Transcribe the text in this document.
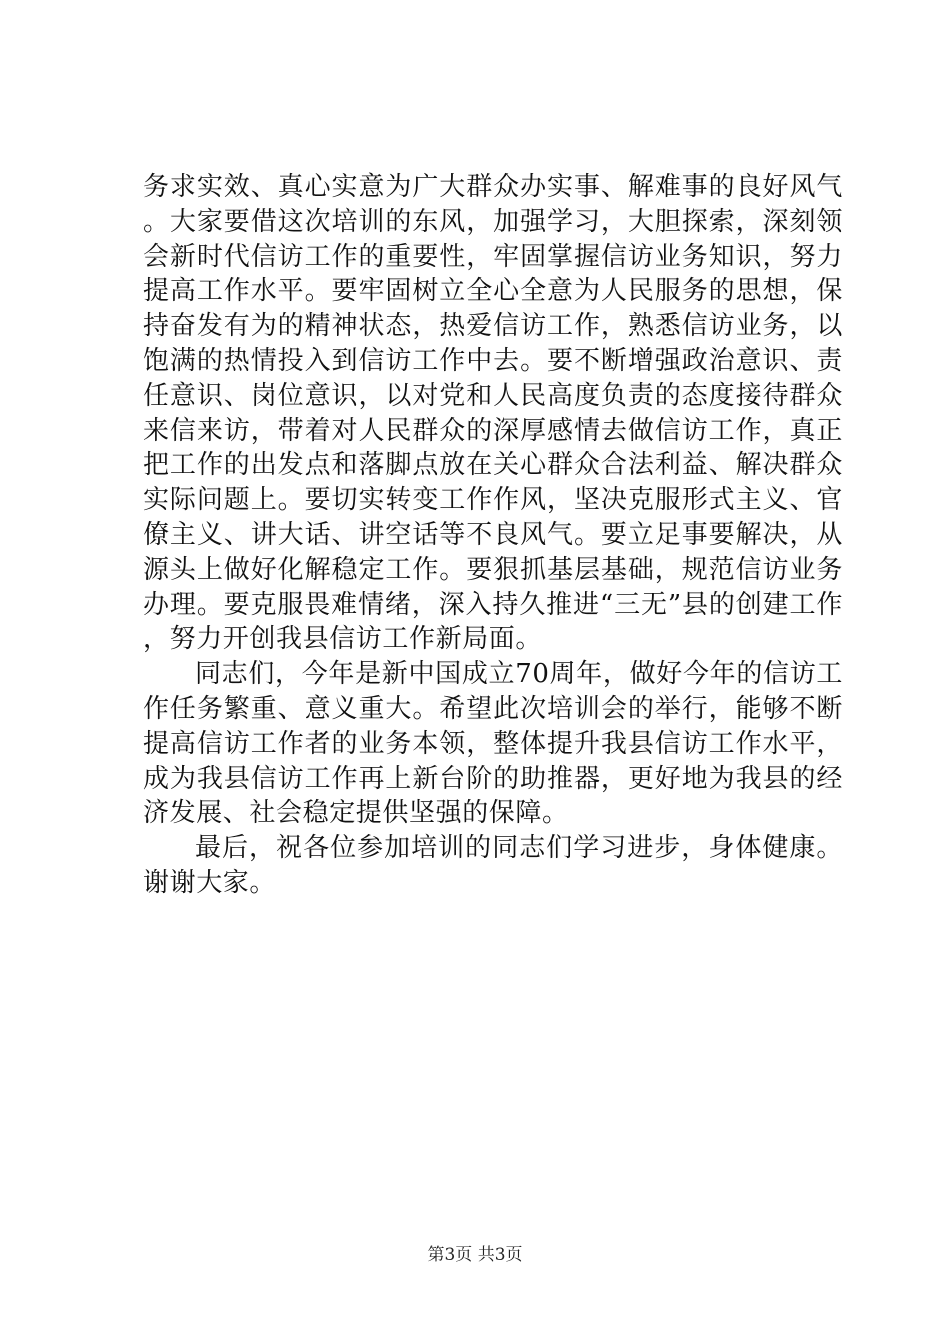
务求实效、真心实意为广大群众办实事、解难事的良好风气。大家要借这次培训的东风，加强学习，大胆探索，深刻领会新时代信访工作的重要性，牢固掌握信访业务知识，努力提高工作水平。要牢固树立全心全意为人民服务的思想，保持奋发有为的精神状态，热爱信访工作，熟悉信访业务，以饱满的热情投入到信访工作中去。要不断增强政治意识、责任意识、岗位意识，以对党和人民高度负责的态度接待群众来信来访，带着对人民群众的深厚感情去做信访工作，真正把工作的出发点和落脚点放在关心群众合法利益、解决群众实际问题上。要切实转变工作作风，坚决克服形式主义、官僚主义、讲大话、讲空话等不良风气。要立足事要解决，从源头上做好化解稳定工作。要狠抓基层基础，规范信访业务办理。要克服畏难情绪，深入持久推进“三无”县的创建工作，努力开创我县信访工作新局面。

同志们，今年是新中国成立70周年，做好今年的信访工作任务繁重、意义重大。希望此次培训会的举行，能够不断提高信访工作者的业务本领，整体提升我县信访工作水平，成为我县信访工作再上新台阶的助推器，更好地为我县的经济发展、社会稳定提供坚强的保障。

最后，祝各位参加培训的同志们学习进步，身体健康。谢谢大家。

第3页 共3页
